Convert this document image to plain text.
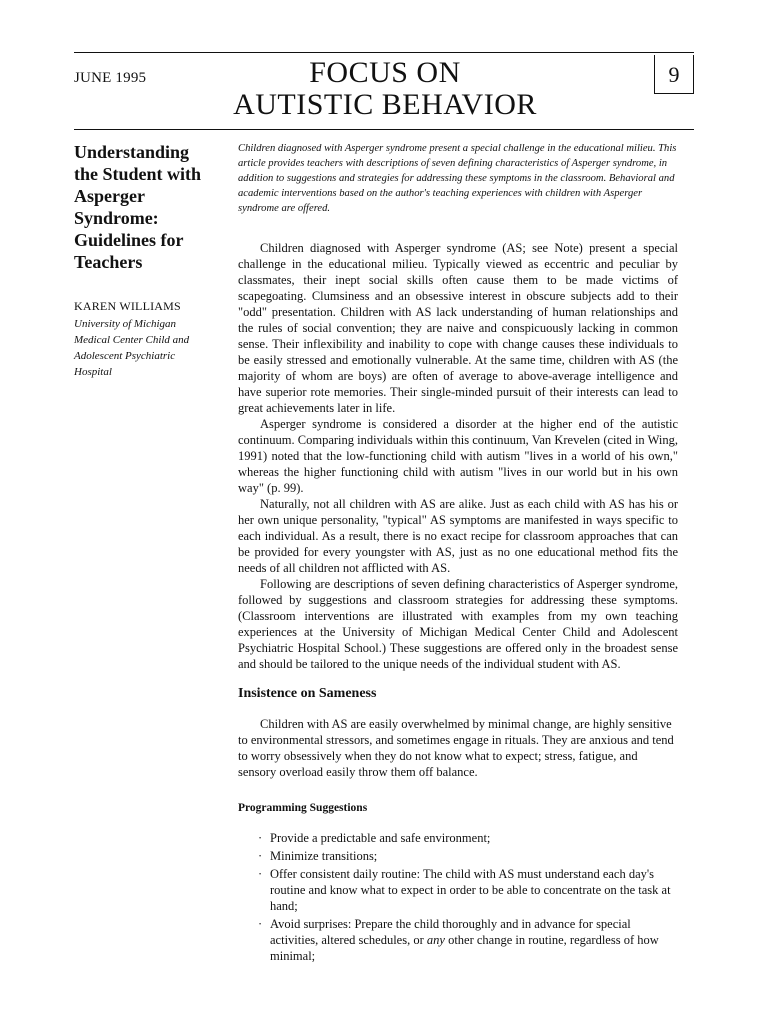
JUNE 1995	FOCUS ON
AUTISTIC BEHAVIOR
9
Understanding
the Student with
Asperger
Syndrome:
Guidelines for
Teachers
KAREN WILLIAMS
University of Michigan
Medical Center Child and
Adolescent Psychiatric
Hospital
Children diagnosed with Asperger syndrome present a special challenge in the educational milieu. This article provides teachers with descriptions of seven defining characteristics of Asperger syndrome, in addition to suggestions and strategies for addressing these symptoms in the classroom. Behavioral and academic interventions based on the author's teaching experiences with children with Asperger syndrome are offered.

Children diagnosed with Asperger syndrome (AS; see Note) present a special challenge in the educational milieu. Typically viewed as eccentric and peculiar by classmates, their inept social skills often cause them to be made victims of scapegoating. Clumsiness and an obsessive interest in obscure subjects add to their "odd" presentation. Children with AS lack understanding of human relationships and the rules of social convention; they are naive and conspicuously lacking in common sense. Their inflexibility and inability to cope with change causes these individuals to be easily stressed and emotionally vulnerable. At the same time, children with AS (the majority of whom are boys) are often of average to above-average intelligence and have superior rote memories. Their single-minded pursuit of their interests can lead to great achievements later in life.

Asperger syndrome is considered a disorder at the higher end of the autistic continuum. Comparing individuals within this continuum, Van Krevelen (cited in Wing, 1991) noted that the low-functioning child with autism "lives in a world of his own," whereas the higher functioning child with autism "lives in our world but in his own way" (p. 99).

Naturally, not all children with AS are alike. Just as each child with AS has his or her own unique personality, "typical" AS symptoms are manifested in ways specific to each individual. As a result, there is no exact recipe for classroom approaches that can be provided for every youngster with AS, just as no one educational method fits the needs of all children not afflicted with AS.

Following are descriptions of seven defining characteristics of Asperger syndrome, followed by suggestions and classroom strategies for addressing these symptoms. (Classroom interventions are illustrated with examples from my own teaching experiences at the University of Michigan Medical Center Child and Adolescent Psychiatric Hospital School.) These suggestions are offered only in the broadest sense and should be tailored to the unique needs of the individual student with AS.

Insistence on Sameness

Children with AS are easily overwhelmed by minimal change, are highly sensitive to environmental stressors, and sometimes engage in rituals. They are anxious and tend to worry obsessively when they do not know what to expect; stress, fatigue, and sensory overload easily throw them off balance.

Programming Suggestions
· Provide a predictable and safe environment;
· Minimize transitions;
· Offer consistent daily routine: The child with AS must understand each day's routine and know what to expect in order to be able to concentrate on the task at hand;
· Avoid surprises: Prepare the child thoroughly and in advance for special activities, altered schedules, or any other change in routine, regardless of how minimal;
